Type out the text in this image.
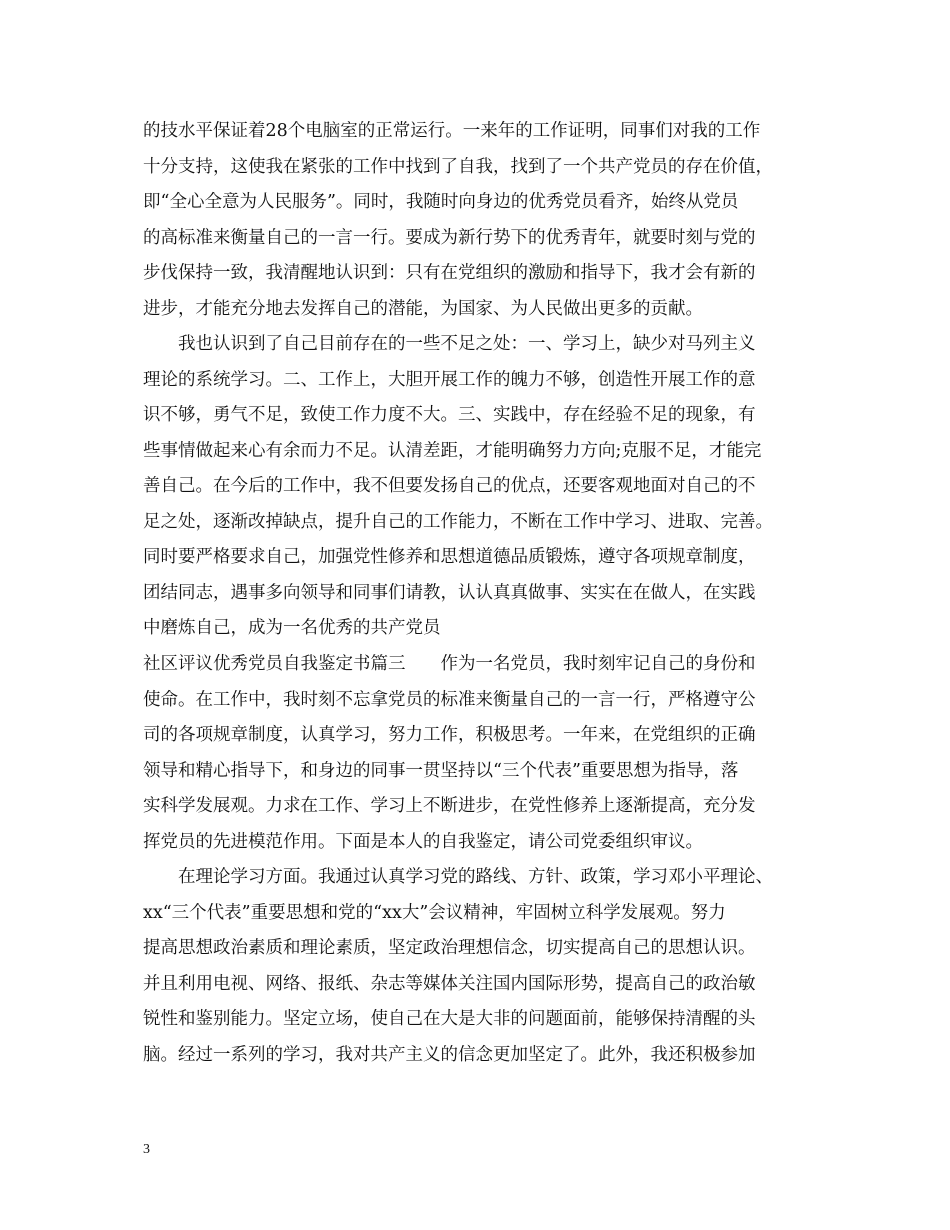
的技水平保证着28个电脑室的正常运行。一来年的工作证明，同事们对我的工作
十分支持，这使我在紧张的工作中找到了自我，找到了一个共产党员的存在价值，
即“全心全意为人民服务”。同时，我随时向身边的优秀党员看齐，始终从党员
的高标准来衡量自己的一言一行。要成为新行势下的优秀青年，就要时刻与党的
步伐保持一致，我清醒地认识到：只有在党组织的激励和指导下，我才会有新的
进步，才能充分地去发挥自己的潜能，为国家、为人民做出更多的贡献。
　　我也认识到了自己目前存在的一些不足之处：一、学习上，缺少对马列主义
理论的系统学习。二、工作上，大胆开展工作的魄力不够，创造性开展工作的意
识不够，勇气不足，致使工作力度不大。三、实践中，存在经验不足的现象，有
些事情做起来心有余而力不足。认清差距，才能明确努力方向;克服不足，才能完
善自己。在今后的工作中，我不但要发扬自己的优点，还要客观地面对自己的不
足之处，逐渐改掉缺点，提升自己的工作能力，不断在工作中学习、进取、完善。
同时要严格要求自己，加强党性修养和思想道德品质锻炼，遵守各项规章制度，
团结同志，遇事多向领导和同事们请教，认认真真做事、实实在在做人，在实践
中磨炼自己，成为一名优秀的共产党员
社区评议优秀党员自我鉴定书篇三　　作为一名党员，我时刻牢记自己的身份和
使命。在工作中，我时刻不忘拿党员的标准来衡量自己的一言一行，严格遵守公
司的各项规章制度，认真学习，努力工作，积极思考。一年来，在党组织的正确
领导和精心指导下，和身边的同事一贯坚持以“三个代表”重要思想为指导，落
实科学发展观。力求在工作、学习上不断进步，在党性修养上逐渐提高，充分发
挥党员的先进模范作用。下面是本人的自我鉴定，请公司党委组织审议。
　　在理论学习方面。我通过认真学习党的路线、方针、政策，学习邓小平理论、
xx“三个代表”重要思想和党的“xx大”会议精神，牢固树立科学发展观。努力
提高思想政治素质和理论素质，坚定政治理想信念，切实提高自己的思想认识。
并且利用电视、网络、报纸、杂志等媒体关注国内国际形势，提高自己的政治敏
锐性和鉴别能力。坚定立场，使自己在大是大非的问题面前，能够保持清醒的头
脑。经过一系列的学习，我对共产主义的信念更加坚定了。此外，我还积极参加
3
